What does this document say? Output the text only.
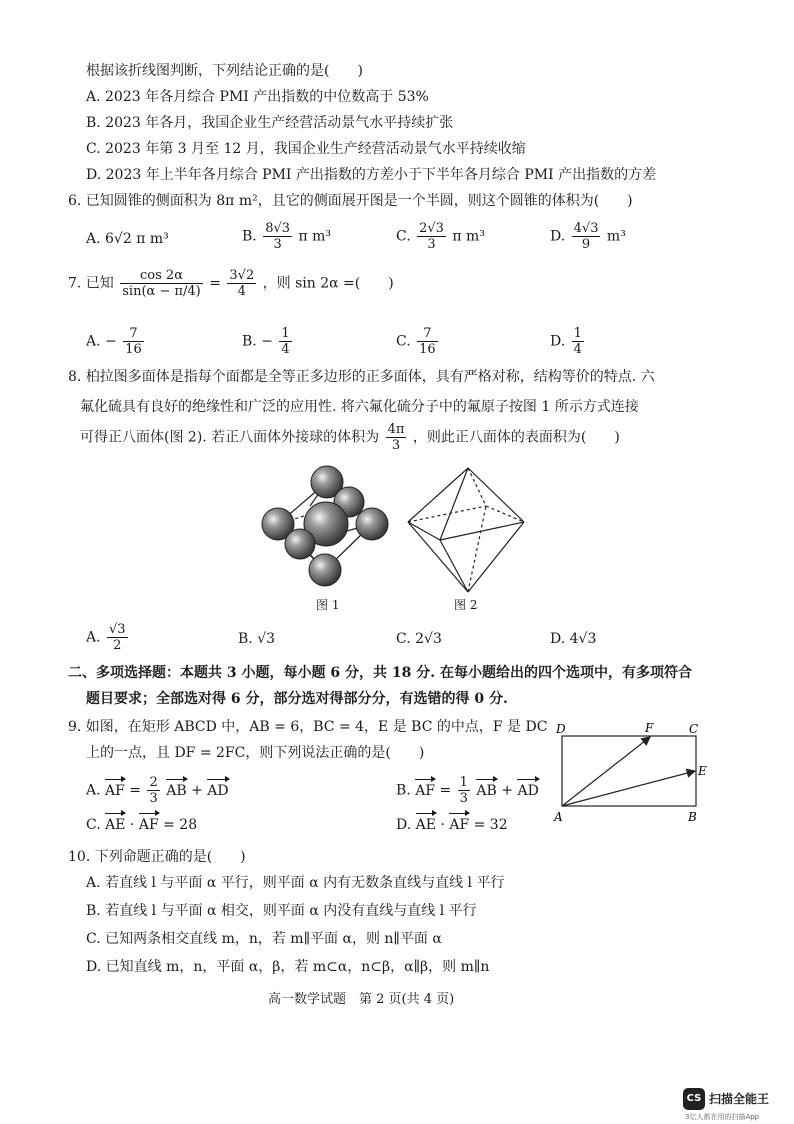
根据该折线图判断，下列结论正确的是(　　)
A. 2023 年各月综合 PMI 产出指数的中位数高于 53%
B. 2023 年各月，我国企业生产经营活动景气水平持续扩张
C. 2023 年第 3 月至 12 月，我国企业生产经营活动景气水平持续收缩
D. 2023 年上半年各月综合 PMI 产出指数的方差小于下半年各月综合 PMI 产出指数的方差
6. 已知圆锥的侧面积为 8π m²，且它的侧面展开图是一个半圆，则这个圆锥的体积为(　　)
A. 6√2 π m³	B. $\frac{8√3}{3}$ π m³	C. $\frac{2√3}{3}$ π m³	D. $\frac{4√3}{9} m^3$
7. 已知 $\frac{\cos 2\alpha}{\sin(\alpha - \pi/4)} = \frac{3√2}{4}$ ，则 sin 2α =(　　)
A. − $\frac{7}{16}$	B. − $\frac{1}{4}$	C. $\frac{7}{16}$	D. $\frac{1}{4}$
8. 柏拉图多面体是指每个面都是全等正多边形的正多面体，具有严格对称，结构等价的特点. 六
氟化硫具有良好的绝缘性和广泛的应用性. 将六氟化硫分子中的氟原子按图 1 所示方式连接
可得正八面体(图 2). 若正八面体外接球的体积为 $\frac{4\pi}{3}$ ，则此正八面体的表面积为(　　)
图 1	图 2
A. $\frac{√3}{2}$	B. √3	C. 2√3	D. 4√3
二、多项选择题：本题共 3 小题，每小题 6 分，共 18 分. 在每小题给出的四个选项中，有多项符合
题目要求；全部选对得 6 分，部分选对得部分分，有选错的得 0 分.
9. 如图，在矩形 ABCD 中，AB = 6，BC = 4，E 是 BC 的中点，F 是 DC
上的一点，且 DF = 2FC，则下列说法正确的是(　　)
A. AF = $\frac{2}{3}$ AB + AD	B. AF = $\frac{1}{3}$ AB + AD
C. AE · AF = 28	D. AE · AF = 32
D	F	C
E
A	B
10. 下列命题正确的是(　　)
A. 若直线 l 与平面 α 平行，则平面 α 内有无数条直线与直线 l 平行
B. 若直线 l 与平面 α 相交，则平面 α 内没有直线与直线 l 平行
C. 已知两条相交直线 m，n，若 m∥平面 α，则 n∥平面 α
D. 已知直线 m，n，平面 α，β，若 m⊂α，n⊂β，α∥β，则 m∥n
高一数学试题　第 2 页(共 4 页)
CS 扫描全能王
3亿人都在用的扫描App
